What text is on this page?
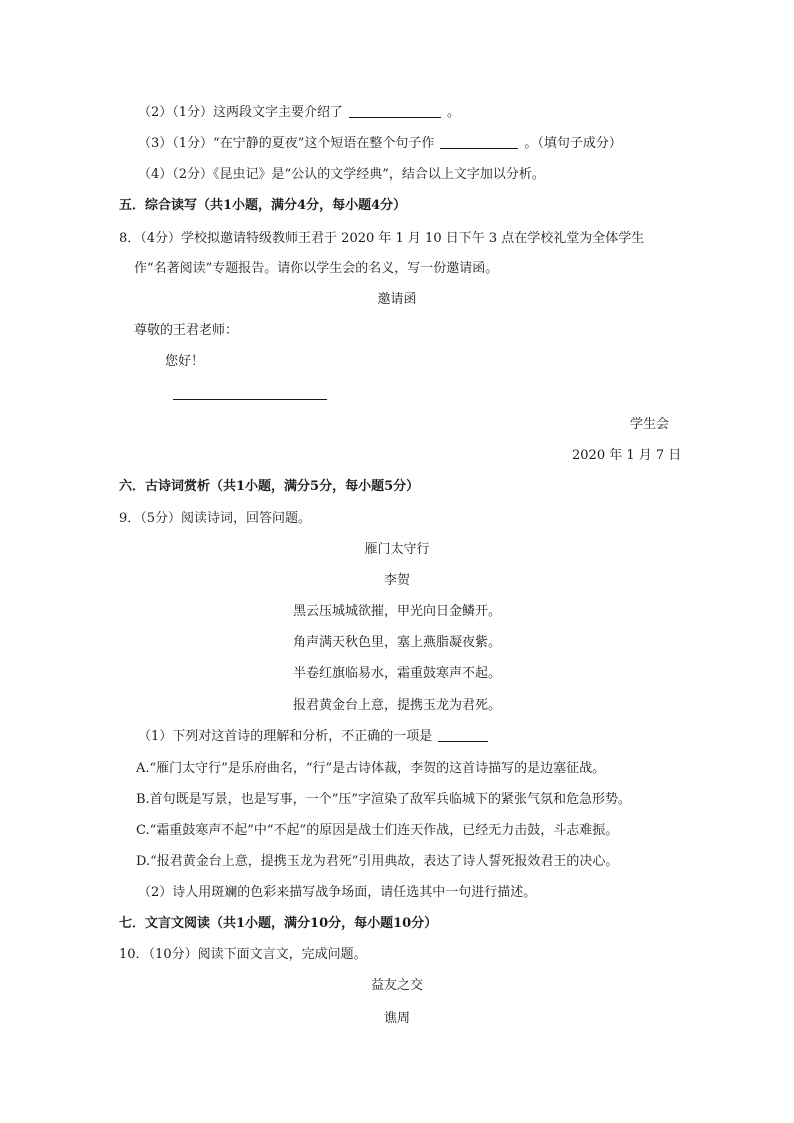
（2）（1分）这两段文字主要介绍了	。
（3）（1分）“在宁静的夏夜”这个短语在整个句子作	。（填句子成分）
（4）（2分）《昆虫记》是“公认的文学经典”，结合以上文字加以分析。
五．综合读写（共1小题，满分4分，每小题4分）
8．（4分）学校拟邀请特级教师王君于 2020 年 1 月 10 日下午 3 点在学校礼堂为全体学生
作“名著阅读”专题报告。请你以学生会的名义，写一份邀请函。
邀请函
尊敬的王君老师：
您好！
学生会
2020 年 1 月 7 日
六．古诗词赏析（共1小题，满分5分，每小题5分）
9．（5分）阅读诗词，回答问题。
雁门太守行
李贺
黑云压城城欲摧，甲光向日金鳞开。
角声满天秋色里，塞上燕脂凝夜紫。
半卷红旗临易水，霜重鼓寒声不起。
报君黄金台上意，提携玉龙为君死。
（1）下列对这首诗的理解和分析，不正确的一项是
A.“雁门太守行”是乐府曲名，“行”是古诗体裁，李贺的这首诗描写的是边塞征战。
B.首句既是写景，也是写事，一个“压”字渲染了敌军兵临城下的紧张气氛和危急形势。
C.“霜重鼓寒声不起”中“不起”的原因是战士们连天作战，已经无力击鼓，斗志难振。
D.“报君黄金台上意，提携玉龙为君死”引用典故，表达了诗人誓死报效君王的决心。
（2）诗人用斑斓的色彩来描写战争场面，请任选其中一句进行描述。
七．文言文阅读（共1小题，满分10分，每小题10分）
10．（10分）阅读下面文言文，完成问题。
益友之交
谯周
